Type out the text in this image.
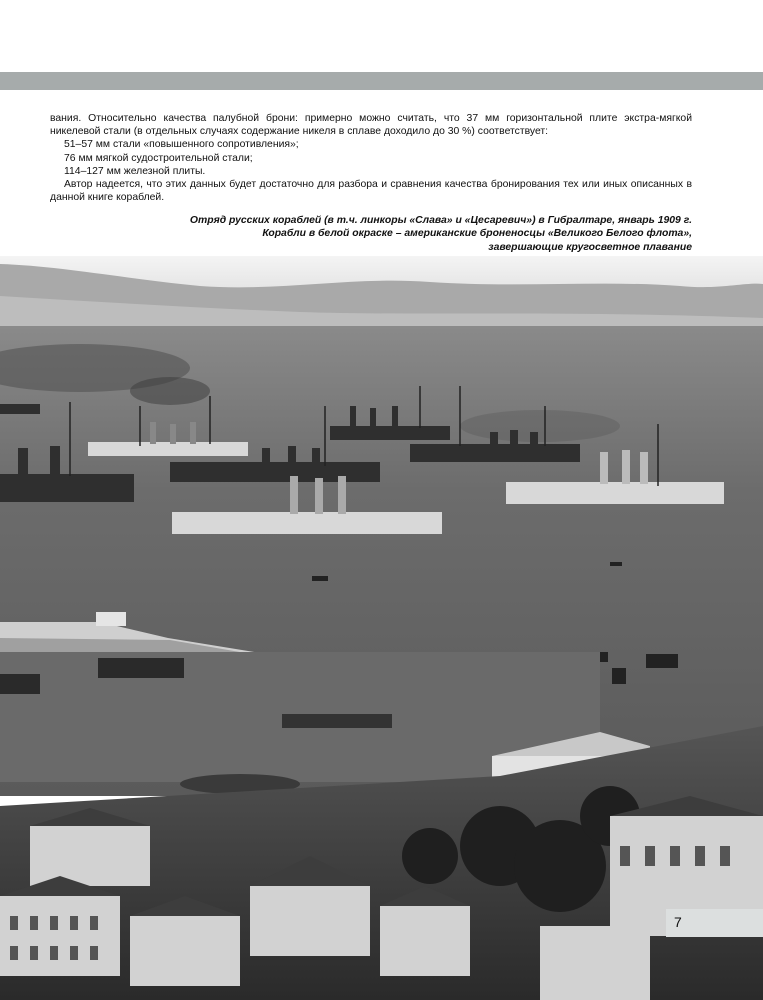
вания. Относительно качества палубной брони: примерно можно считать, что 37 мм горизонтальной плите экстра-мягкой никелевой стали (в отдельных случаях содержание никеля в сплаве доходило до 30 %) соответствует:

51–57 мм стали «повышенного сопротивления»;

76 мм мягкой судостроительной стали;

114–127 мм железной плиты.

Автор надеется, что этих данных будет достаточно для разбора и сравнения качества бронирования тех или иных описанных в данной книге кораблей.

Отряд русских кораблей (в т.ч. линкоры «Слава» и «Цесаревич») в Гибралтаре, январь 1909 г.

Корабли в белой окраске – американские броненосцы «Великого Белого флота»,

завершающие кругосветное плавание

7
